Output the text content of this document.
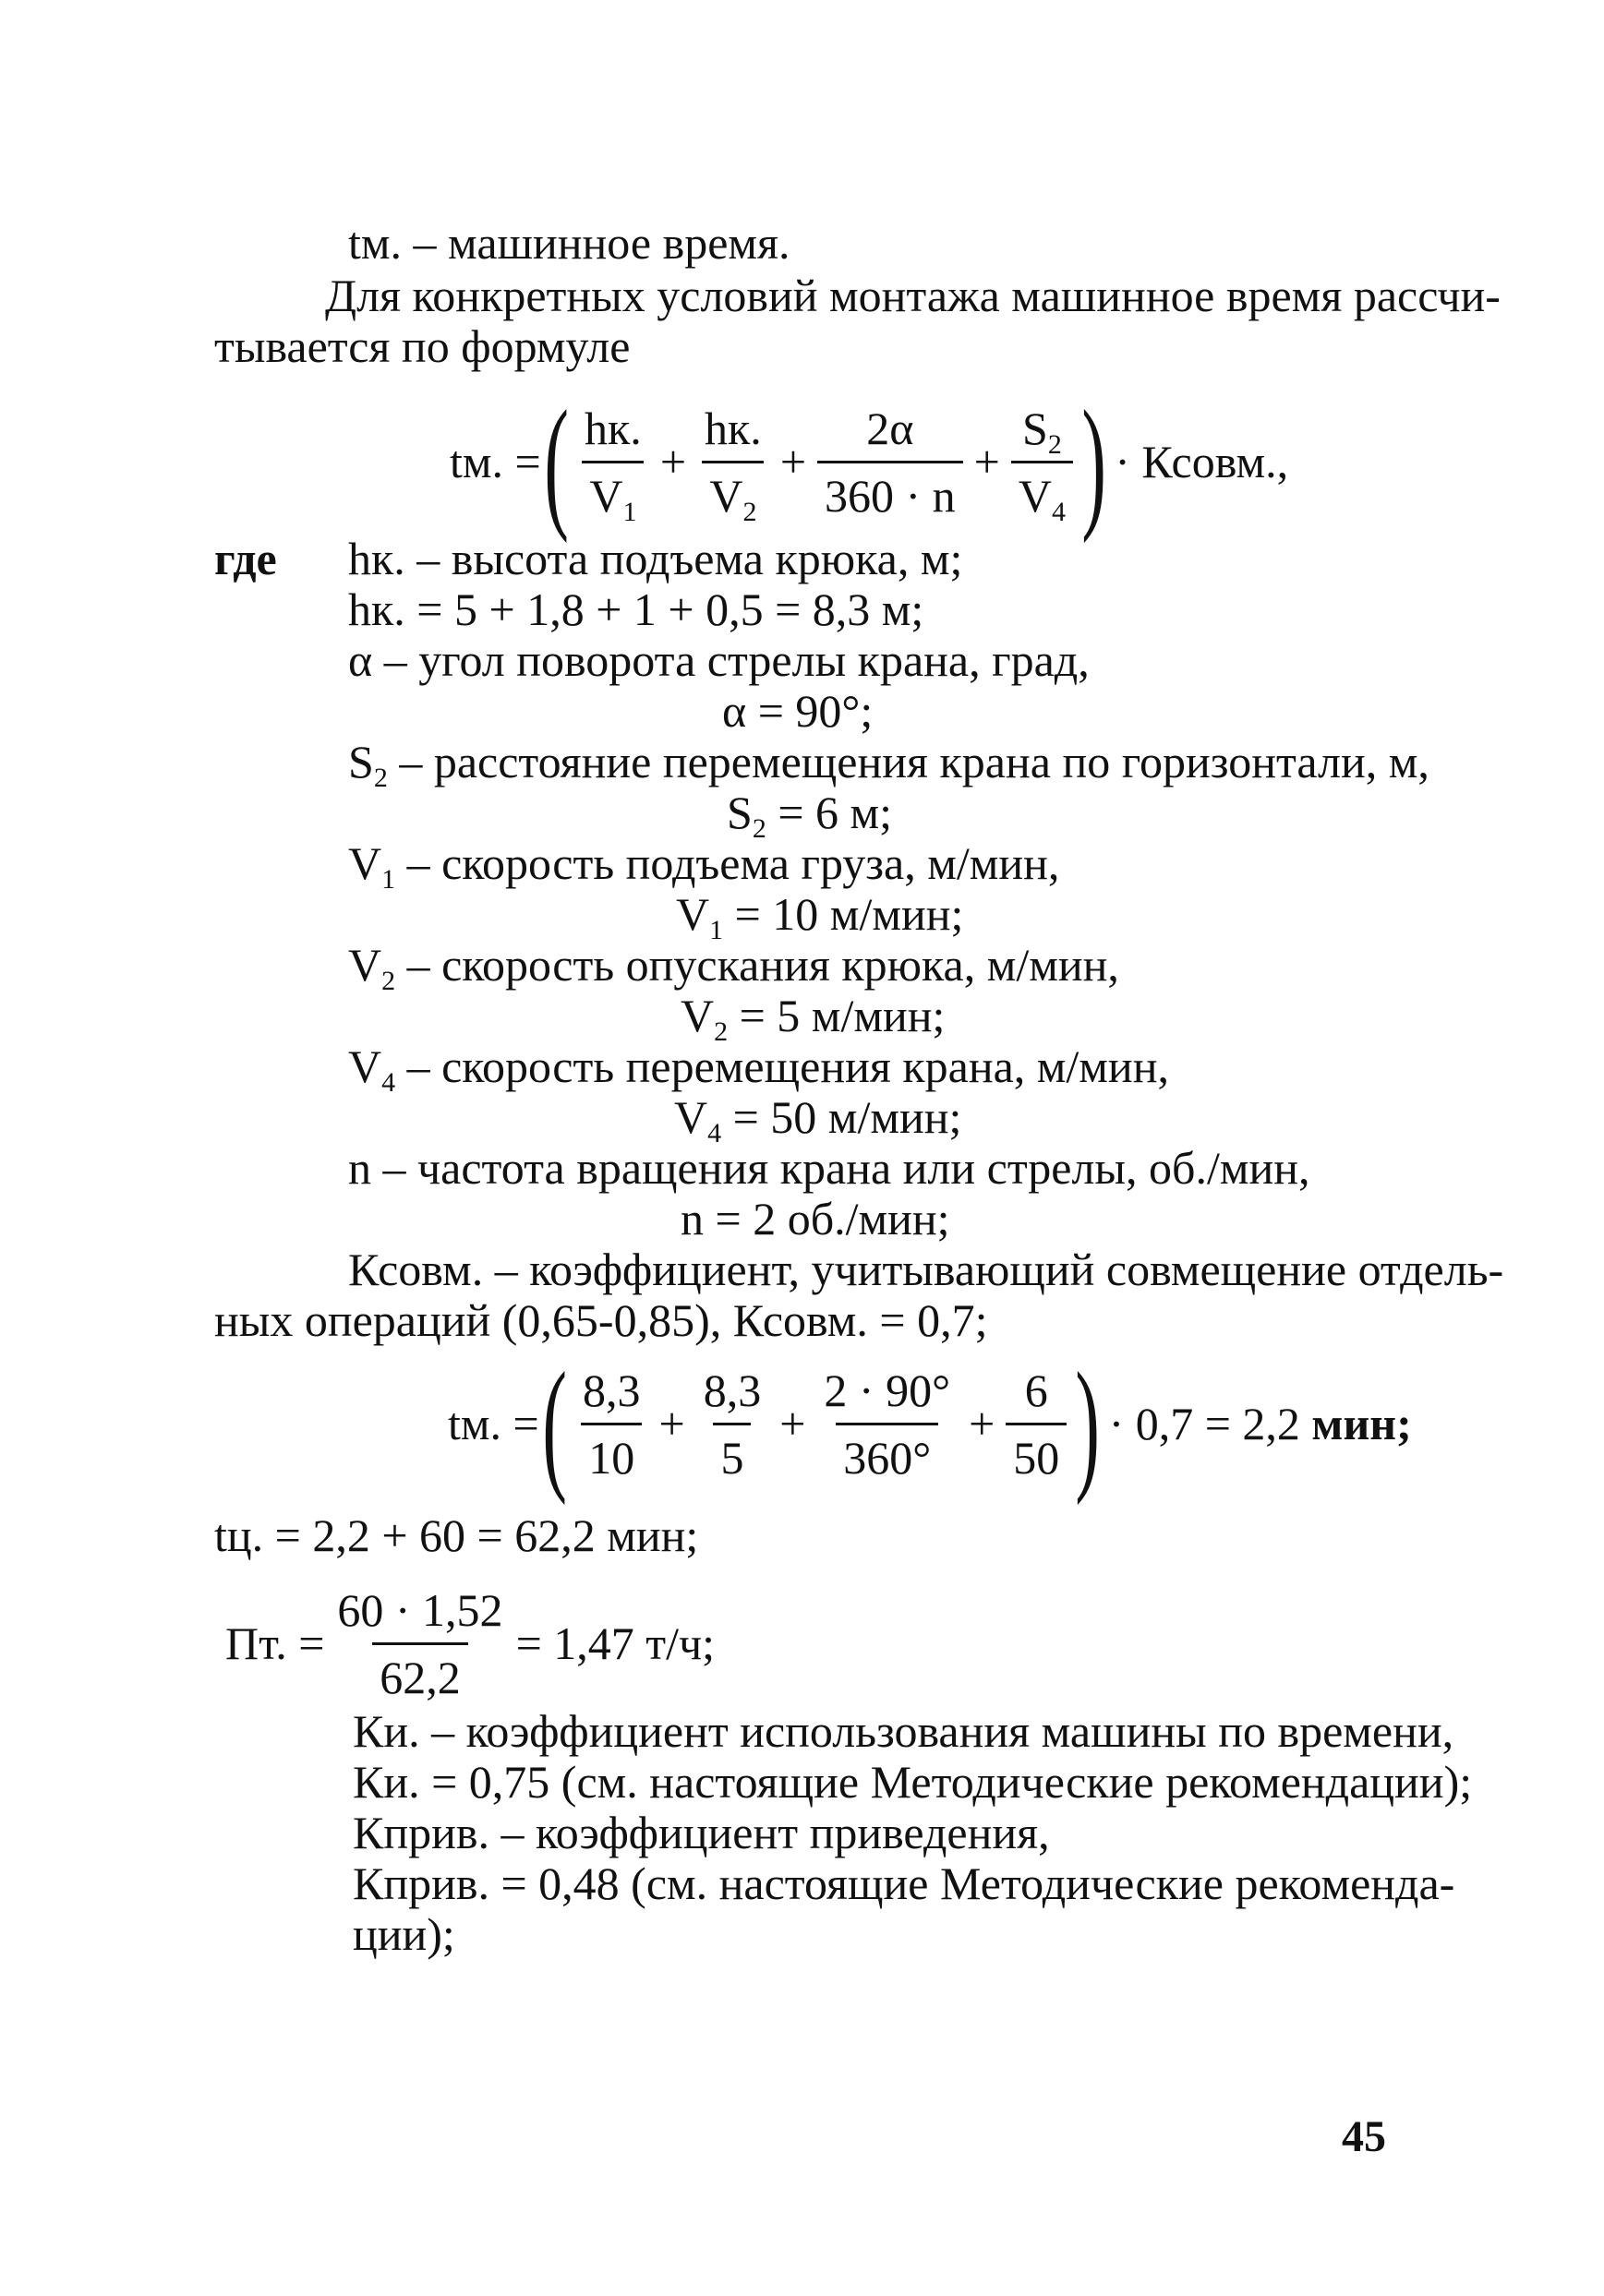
tм. – машинное время.
Для конкретных условий монтажа машинное время рассчи-
тывается по формуле
tм. = ( $\frac{hк.}{V_1} + \frac{hк.}{V_2} + \frac{2\alpha}{360 \cdot n} + \frac{S_2}{V_4}$ ) · Ксовм.,
где hк. – высота подъема крюка, м;
hк. = 5 + 1,8 + 1 + 0,5 = 8,3 м;
α – угол поворота стрелы крана, град,
α = 90°;
$S_2$ – расстояние перемещения крана по горизонтали, м,
$S_2 = 6$ м;
$V_1$ – скорость подъема груза, м/мин,
$V_1 = 10$ м/мин;
$V_2$ – скорость опускания крюка, м/мин,
$V_2 = 5$ м/мин;
$V_4$ – скорость перемещения крана, м/мин,
$V_4 = 50$ м/мин;
n – частота вращения крана или стрелы, об./мин,
n = 2 об./мин;
Ксовм. – коэффициент, учитывающий совмещение отдель-
ных операций (0,65-0,85), Ксовм. = 0,7;
tм. = ( $\frac{8,3}{10} + \frac{8,3}{5} + \frac{2 \cdot 90^\circ}{360^\circ} + \frac{6}{50}$ ) · 0,7 = 2,2 мин;
tц. = 2,2 + 60 = 62,2 мин;
Пт. = $\frac{60 \cdot 1,52}{62,2} = 1,47$ т/ч;
Ки. – коэффициент использования машины по времени,
Ки. = 0,75 (см. настоящие Методические рекомендации);
Кприв. – коэффициент приведения,
Кприв. = 0,48 (см. настоящие Методические рекоменда-
ции);
45
